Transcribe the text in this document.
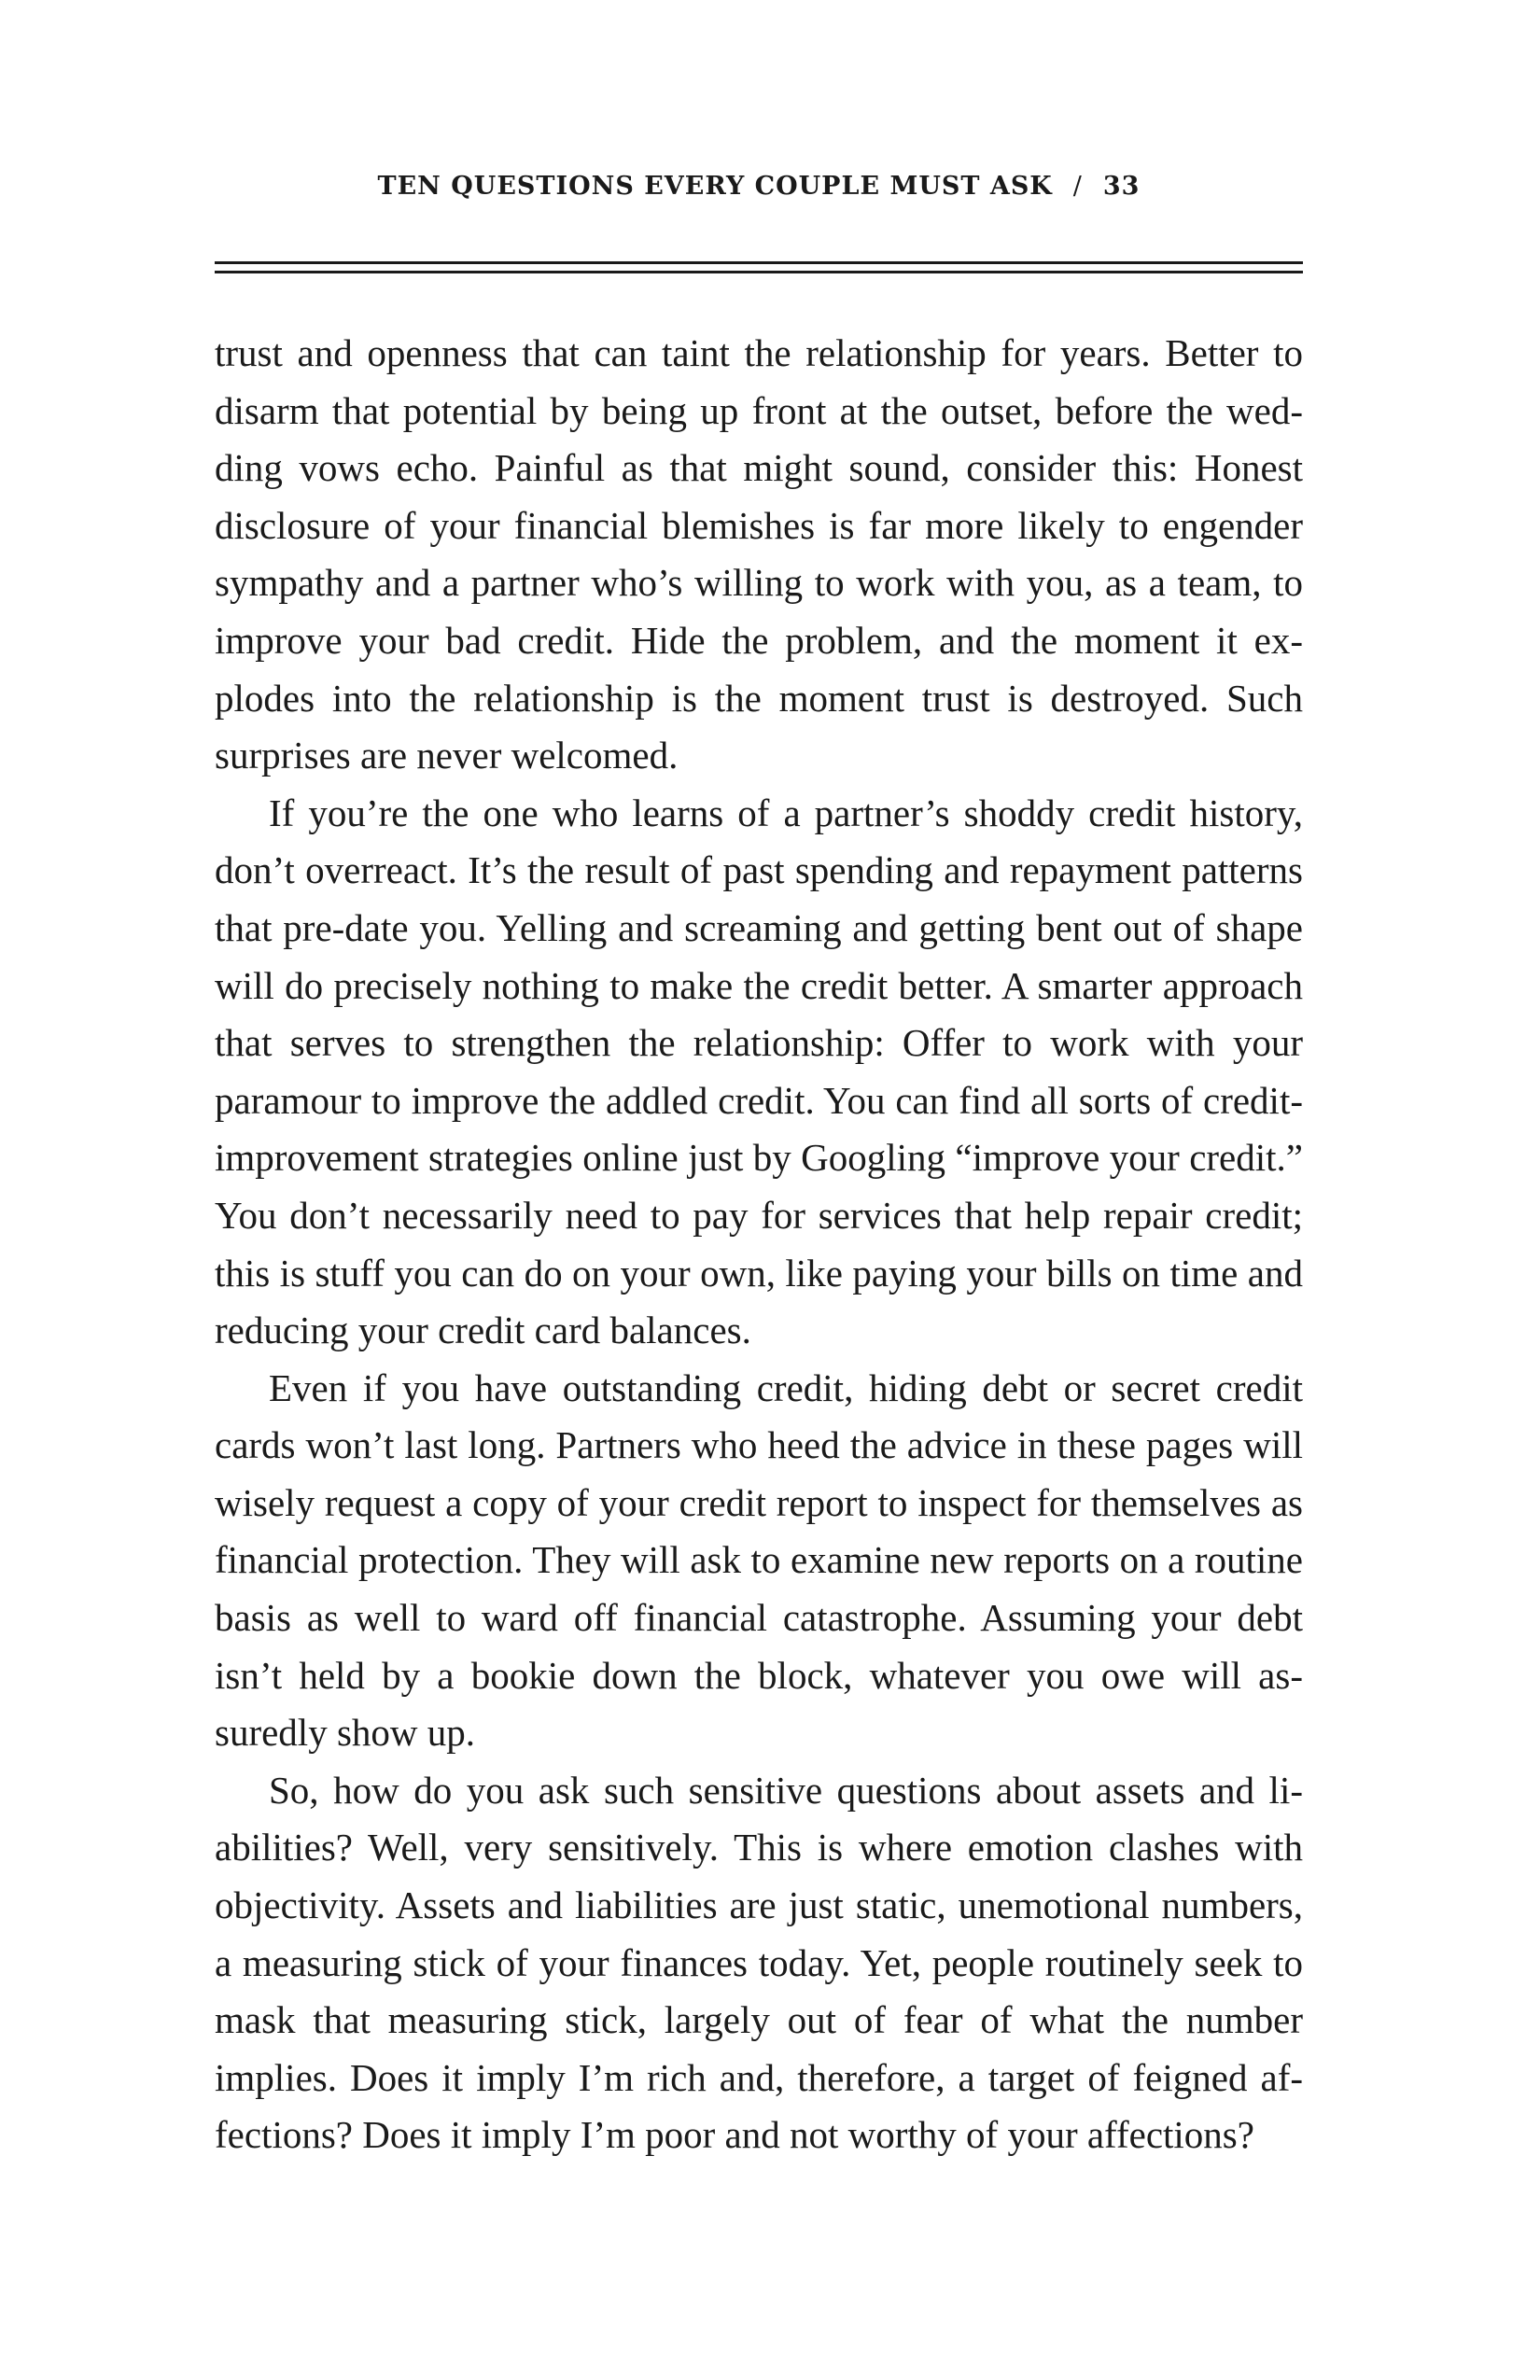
TEN QUESTIONS EVERY COUPLE MUST ASK / 33

trust and openness that can taint the relationship for years. Better to disarm that potential by being up front at the outset, before the wedding vows echo. Painful as that might sound, consider this: Honest disclosure of your financial blemishes is far more likely to engender sympathy and a partner who’s willing to work with you, as a team, to improve your bad credit. Hide the problem, and the moment it explodes into the relationship is the moment trust is destroyed. Such surprises are never welcomed.

If you’re the one who learns of a partner’s shoddy credit history, don’t overreact. It’s the result of past spending and repayment patterns that pre-date you. Yelling and screaming and getting bent out of shape will do precisely nothing to make the credit better. A smarter approach that serves to strengthen the relationship: Offer to work with your paramour to improve the addled credit. You can find all sorts of credit-improvement strategies online just by Googling “improve your credit.” You don’t necessarily need to pay for services that help repair credit; this is stuff you can do on your own, like paying your bills on time and reducing your credit card balances.

Even if you have outstanding credit, hiding debt or secret credit cards won’t last long. Partners who heed the advice in these pages will wisely request a copy of your credit report to inspect for themselves as financial protection. They will ask to examine new reports on a routine basis as well to ward off financial catastrophe. Assuming your debt isn’t held by a bookie down the block, whatever you owe will assuredly show up.

So, how do you ask such sensitive questions about assets and liabilities? Well, very sensitively. This is where emotion clashes with objectivity. Assets and liabilities are just static, unemotional numbers, a measuring stick of your finances today. Yet, people routinely seek to mask that measuring stick, largely out of fear of what the number implies. Does it imply I’m rich and, therefore, a target of feigned affections? Does it imply I’m poor and not worthy of your affections?
